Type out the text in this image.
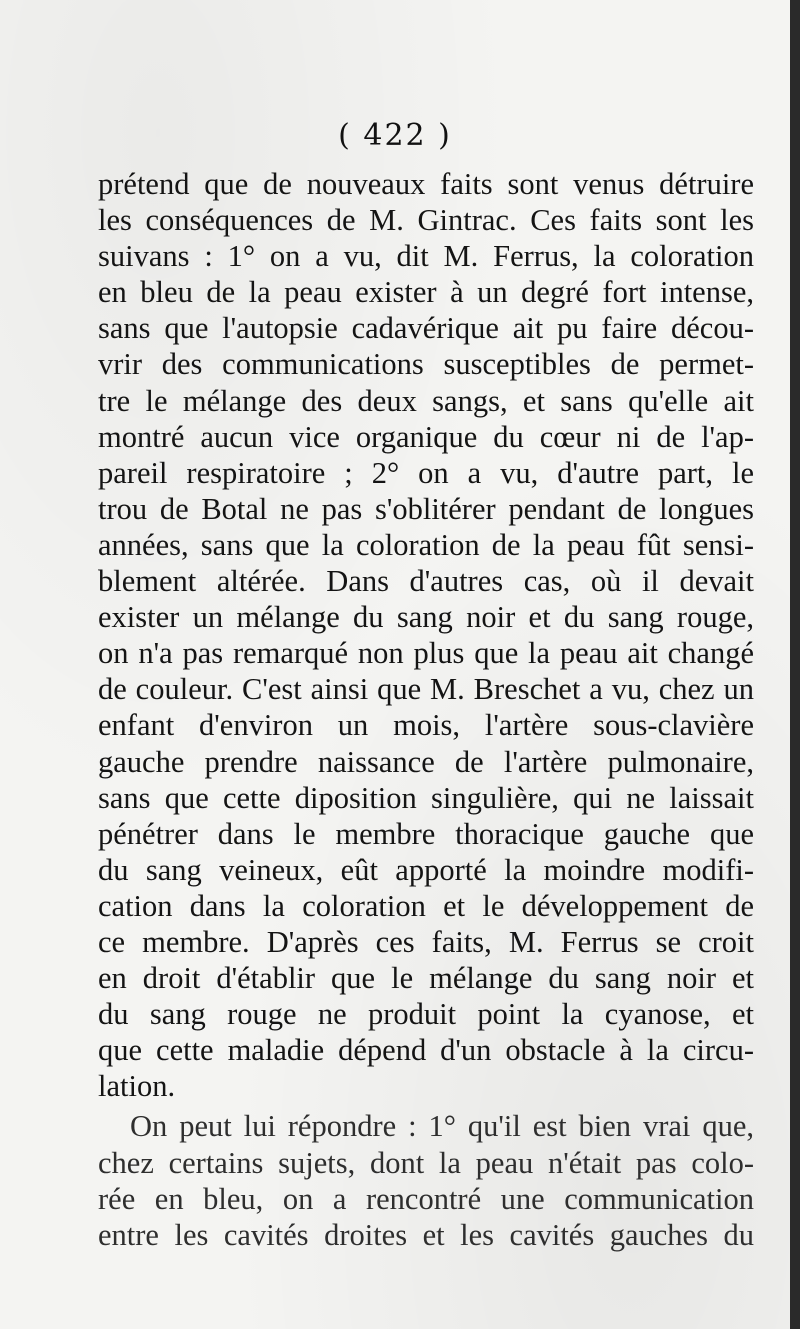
( 422 )
prétend que de nouveaux faits sont venus détruire
les conséquences de M. Gintrac. Ces faits sont les
suivans : 1° on a vu, dit M. Ferrus, la coloration
en bleu de la peau exister à un degré fort intense,
sans que l'autopsie cadavérique ait pu faire décou-
vrir des communications susceptibles de permet-
tre le mélange des deux sangs, et sans qu'elle ait
montré aucun vice organique du cœur ni de l'ap-
pareil respiratoire ; 2° on a vu, d'autre part, le
trou de Botal ne pas s'oblitérer pendant de longues
années, sans que la coloration de la peau fût sensi-
blement altérée. Dans d'autres cas, où il devait
exister un mélange du sang noir et du sang rouge,
on n'a pas remarqué non plus que la peau ait changé
de couleur. C'est ainsi que M. Breschet a vu, chez un
enfant d'environ un mois, l'artère sous-clavière
gauche prendre naissance de l'artère pulmonaire,
sans que cette diposition singulière, qui ne laissait
pénétrer dans le membre thoracique gauche que
du sang veineux, eût apporté la moindre modifi-
cation dans la coloration et le développement de
ce membre. D'après ces faits, M. Ferrus se croit
en droit d'établir que le mélange du sang noir et
du sang rouge ne produit point la cyanose, et
que cette maladie dépend d'un obstacle à la circu-
lation.
On peut lui répondre : 1° qu'il est bien vrai que,
chez certains sujets, dont la peau n'était pas colo-
rée en bleu, on a rencontré une communication
entre les cavités droites et les cavités gauches du
